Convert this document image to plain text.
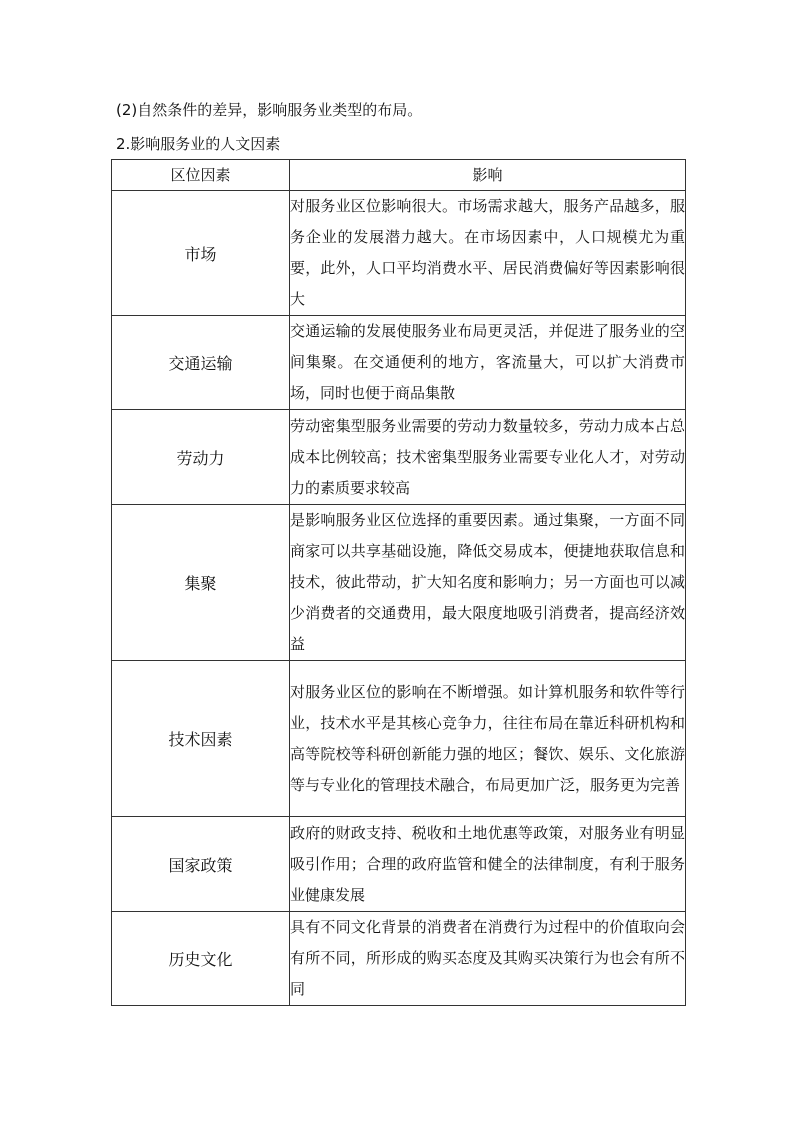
(2)自然条件的差异，影响服务业类型的布局。
2.影响服务业的人文因素
区位因素	影响
市场	对服务业区位影响很大。市场需求越大，服务产品越多，服务企业的发展潜力越大。在市场因素中，人口规模尤为重要，此外，人口平均消费水平、居民消费偏好等因素影响很大
交通运输	交通运输的发展使服务业布局更灵活，并促进了服务业的空间集聚。在交通便利的地方，客流量大，可以扩大消费市场，同时也便于商品集散
劳动力	劳动密集型服务业需要的劳动力数量较多，劳动力成本占总成本比例较高；技术密集型服务业需要专业化人才，对劳动力的素质要求较高
集聚	是影响服务业区位选择的重要因素。通过集聚，一方面不同商家可以共享基础设施，降低交易成本，便捷地获取信息和技术，彼此带动，扩大知名度和影响力；另一方面也可以减少消费者的交通费用，最大限度地吸引消费者，提高经济效益
技术因素	对服务业区位的影响在不断增强。如计算机服务和软件等行业，技术水平是其核心竞争力，往往布局在靠近科研机构和高等院校等科研创新能力强的地区；餐饮、娱乐、文化旅游等与专业化的管理技术融合，布局更加广泛，服务更为完善
国家政策	政府的财政支持、税收和土地优惠等政策，对服务业有明显吸引作用；合理的政府监管和健全的法律制度，有利于服务业健康发展
历史文化	具有不同文化背景的消费者在消费行为过程中的价值取向会有所不同，所形成的购买态度及其购买决策行为也会有所不同
